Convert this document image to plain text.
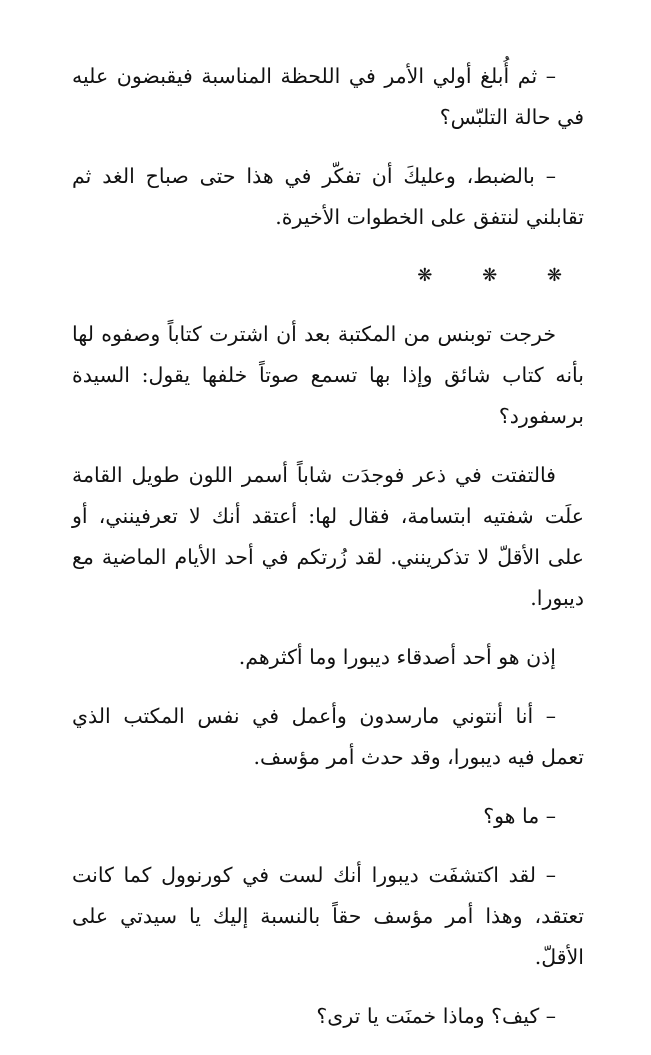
– ثم أُبلغ أولي الأمر في اللحظة المناسبة فيقبضون عليه في حالة التلبّس؟

– بالضبط، وعليكَ أن تفكّر في هذا حتى صباح الغد ثم تقابلني لنتفق على الخطوات الأخيرة.

❋ ❋ ❋

خرجت توبنس من المكتبة بعد أن اشترت كتاباً وصفوه لها بأنه كتاب شائق وإذا بها تسمع صوتاً خلفها يقول: السيدة برسفورد؟

فالتفتت في ذعر فوجدَت شاباً أسمر اللون طويل القامة علَت شفتيه ابتسامة، فقال لها: أعتقد أنك لا تعرفينني، أو على الأقلّ لا تذكرينني. لقد زُرتكم في أحد الأيام الماضية مع ديبورا.

إذن هو أحد أصدقاء ديبورا وما أكثرهم.

– أنا أنتوني مارسدون وأعمل في نفس المكتب الذي تعمل فيه ديبورا، وقد حدث أمر مؤسف.

– ما هو؟

– لقد اكتشفَت ديبورا أنك لست في كورنوول كما كانت تعتقد، وهذا أمر مؤسف حقاً بالنسبة إليك يا سيدتي على الأقلّ.

– كيف؟ وماذا خمنَت يا ترى؟
